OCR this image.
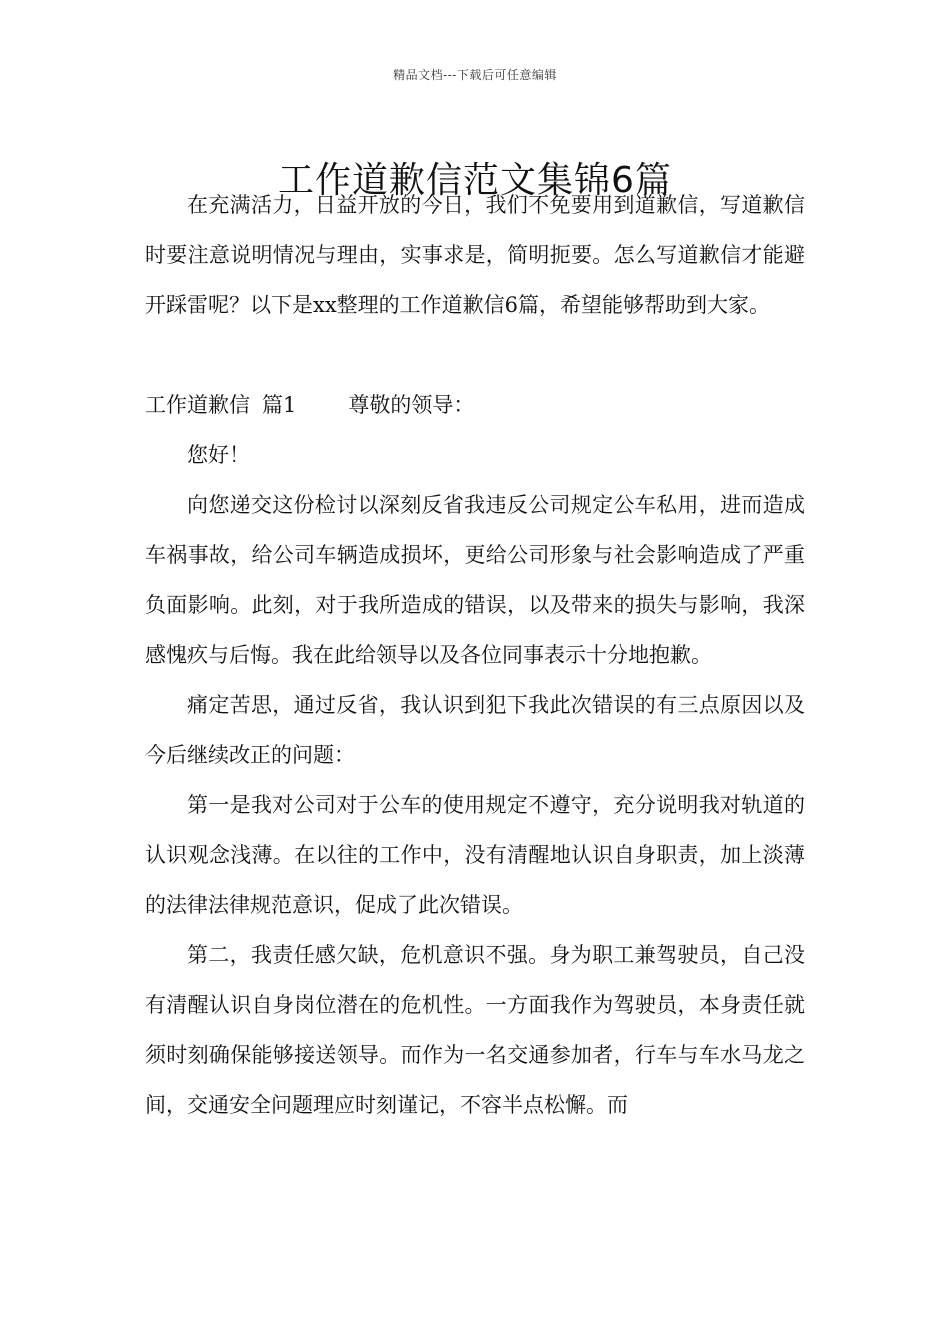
精品文档---下载后可任意编辑
工作道歉信范文集锦6篇

在充满活力，日益开放的今日，我们不免要用到道歉信，写道歉信时要注意说明情况与理由，实事求是，简明扼要。怎么写道歉信才能避开踩雷呢？以下是xx整理的工作道歉信6篇，希望能够帮助到大家。

工作道歉信 篇1 尊敬的领导：

您好！

向您递交这份检讨以深刻反省我违反公司规定公车私用，进而造成车祸事故，给公司车辆造成损坏，更给公司形象与社会影响造成了严重负面影响。此刻，对于我所造成的错误，以及带来的损失与影响，我深感愧疚与后悔。我在此给领导以及各位同事表示十分地抱歉。

痛定苦思，通过反省，我认识到犯下我此次错误的有三点原因以及今后继续改正的问题：

第一是我对公司对于公车的使用规定不遵守，充分说明我对轨道的认识观念浅薄。在以往的工作中，没有清醒地认识自身职责，加上淡薄的法律法律规范意识，促成了此次错误。

第二，我责任感欠缺，危机意识不强。身为职工兼驾驶员，自己没有清醒认识自身岗位潜在的危机性。一方面我作为驾驶员，本身责任就须时刻确保能够接送领导。而作为一名交通参加者，行车与车水马龙之间，交通安全问题理应时刻谨记，不容半点松懈。而
